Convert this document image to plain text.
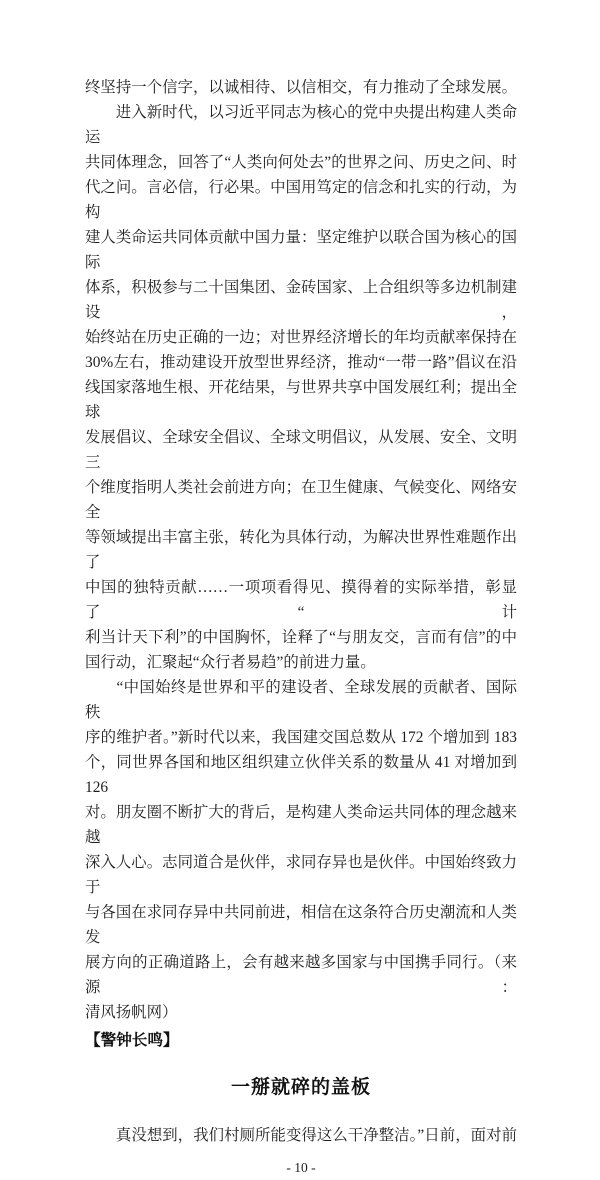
终坚持一个信字，以诚相待、以信相交，有力推动了全球发展。
　　进入新时代，以习近平同志为核心的党中央提出构建人类命运
共同体理念，回答了“人类向何处去”的世界之问、历史之问、时
代之问。言必信，行必果。中国用笃定的信念和扎实的行动，为构
建人类命运共同体贡献中国力量：坚定维护以联合国为核心的国际
体系，积极参与二十国集团、金砖国家、上合组织等多边机制建设，
始终站在历史正确的一边；对世界经济增长的年均贡献率保持在
30%左右，推动建设开放型世界经济，推动“一带一路”倡议在沿
线国家落地生根、开花结果，与世界共享中国发展红利；提出全球
发展倡议、全球安全倡议、全球文明倡议，从发展、安全、文明三
个维度指明人类社会前进方向；在卫生健康、气候变化、网络安全
等领域提出丰富主张，转化为具体行动，为解决世界性难题作出了
中国的独特贡献……一项项看得见、摸得着的实际举措，彰显了“计
利当计天下利”的中国胸怀，诠释了“与朋友交，言而有信”的中
国行动，汇聚起“众行者易趋”的前进力量。
　　“中国始终是世界和平的建设者、全球发展的贡献者、国际秩
序的维护者。”新时代以来，我国建交国总数从 172 个增加到 183
个，同世界各国和地区组织建立伙伴关系的数量从 41 对增加到 126
对。朋友圈不断扩大的背后，是构建人类命运共同体的理念越来越
深入人心。志同道合是伙伴，求同存异也是伙伴。中国始终致力于
与各国在求同存异中共同前进，相信在这条符合历史潮流和人类发
展方向的正确道路上，会有越来越多国家与中国携手同行。（来源：
清风扬帆网）
【警钟长鸣】
一掰就碎的盖板
　　真没想到，我们村厕所能变得这么干净整洁。”日前，面对前
- 10 -
